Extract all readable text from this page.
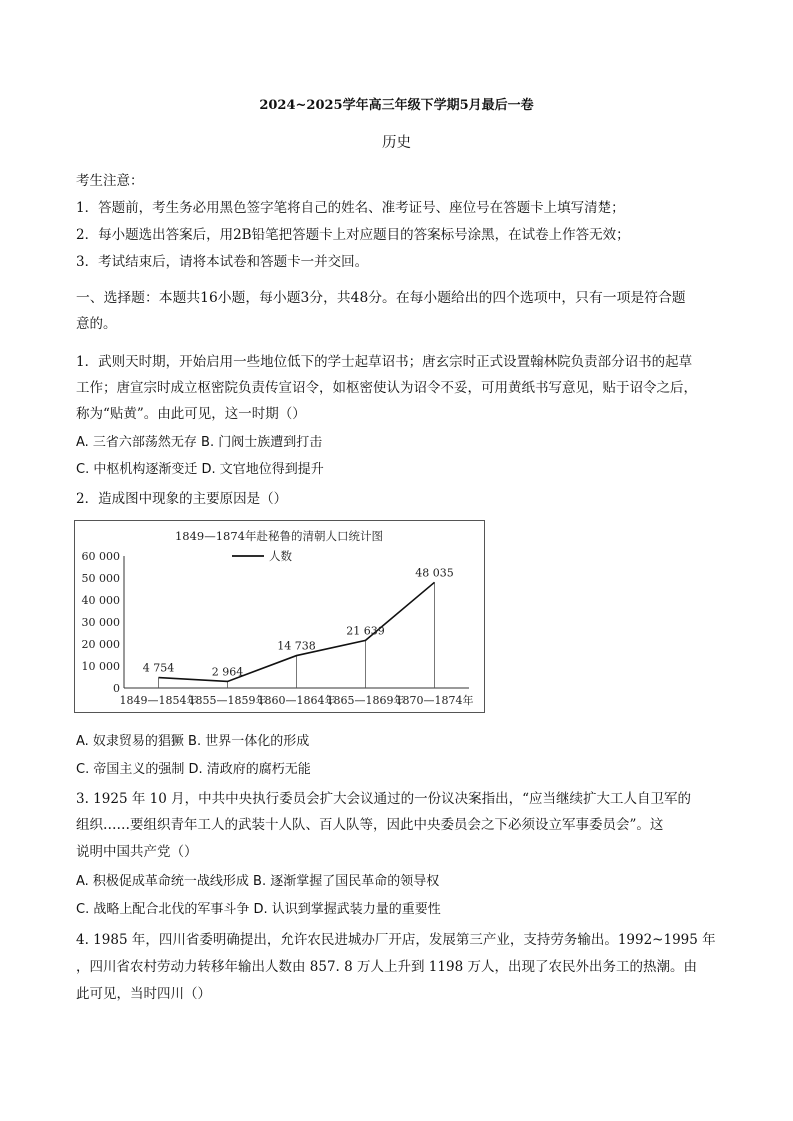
2024~2025学年高三年级下学期5月最后一卷
历史
考生注意：
1．答题前，考生务必用黑色签字笔将自己的姓名、准考证号、座位号在答题卡上填写清楚；
2．每小题选出答案后，用2B铅笔把答题卡上对应题目的答案标号涂黑，在试卷上作答无效；
3．考试结束后，请将本试卷和答题卡一并交回。
一、选择题：本题共16小题，每小题3分，共48分。在每小题给出的四个选项中，只有一项是符合题
意的。
1．武则天时期，开始启用一些地位低下的学士起草诏书；唐玄宗时正式设置翰林院负责部分诏书的起草
工作；唐宣宗时成立枢密院负责传宣诏令，如枢密使认为诏令不妥，可用黄纸书写意见，贴于诏令之后，
称为“贴黄”。由此可见，这一时期（）
A. 三省六部荡然无存 B. 门阀士族遭到打击
C. 中枢机构逐渐变迁 D. 文官地位得到提升
2．造成图中现象的主要原因是（）
1849—1874年赴秘鲁的清朝人口统计图
人数
0
10 000
20 000
30 000
40 000
50 000
60 000
4 754	2 964
14 738
21 639
48 035
1849—1854年
1855—1859年
1860—1864年
1865—1869年
1870—1874年
A. 奴隶贸易的猖獗 B. 世界一体化的形成
C. 帝国主义的强制 D. 清政府的腐朽无能
3. 1925 年 10 月，中共中央执行委员会扩大会议通过的一份议决案指出，“应当继续扩大工人自卫军的
组织……要组织青年工人的武装十人队、百人队等，因此中央委员会之下必须设立军事委员会”。这
说明中国共产党（）
A. 积极促成革命统一战线形成 B. 逐渐掌握了国民革命的领导权
C. 战略上配合北伐的军事斗争 D. 认识到掌握武装力量的重要性
4. 1985 年，四川省委明确提出，允许农民进城办厂开店，发展第三产业，支持劳务输出。1992~1995 年
，四川省农村劳动力转移年输出人数由 857. 8 万人上升到 1198 万人，出现了农民外出务工的热潮。由
此可见，当时四川（）
